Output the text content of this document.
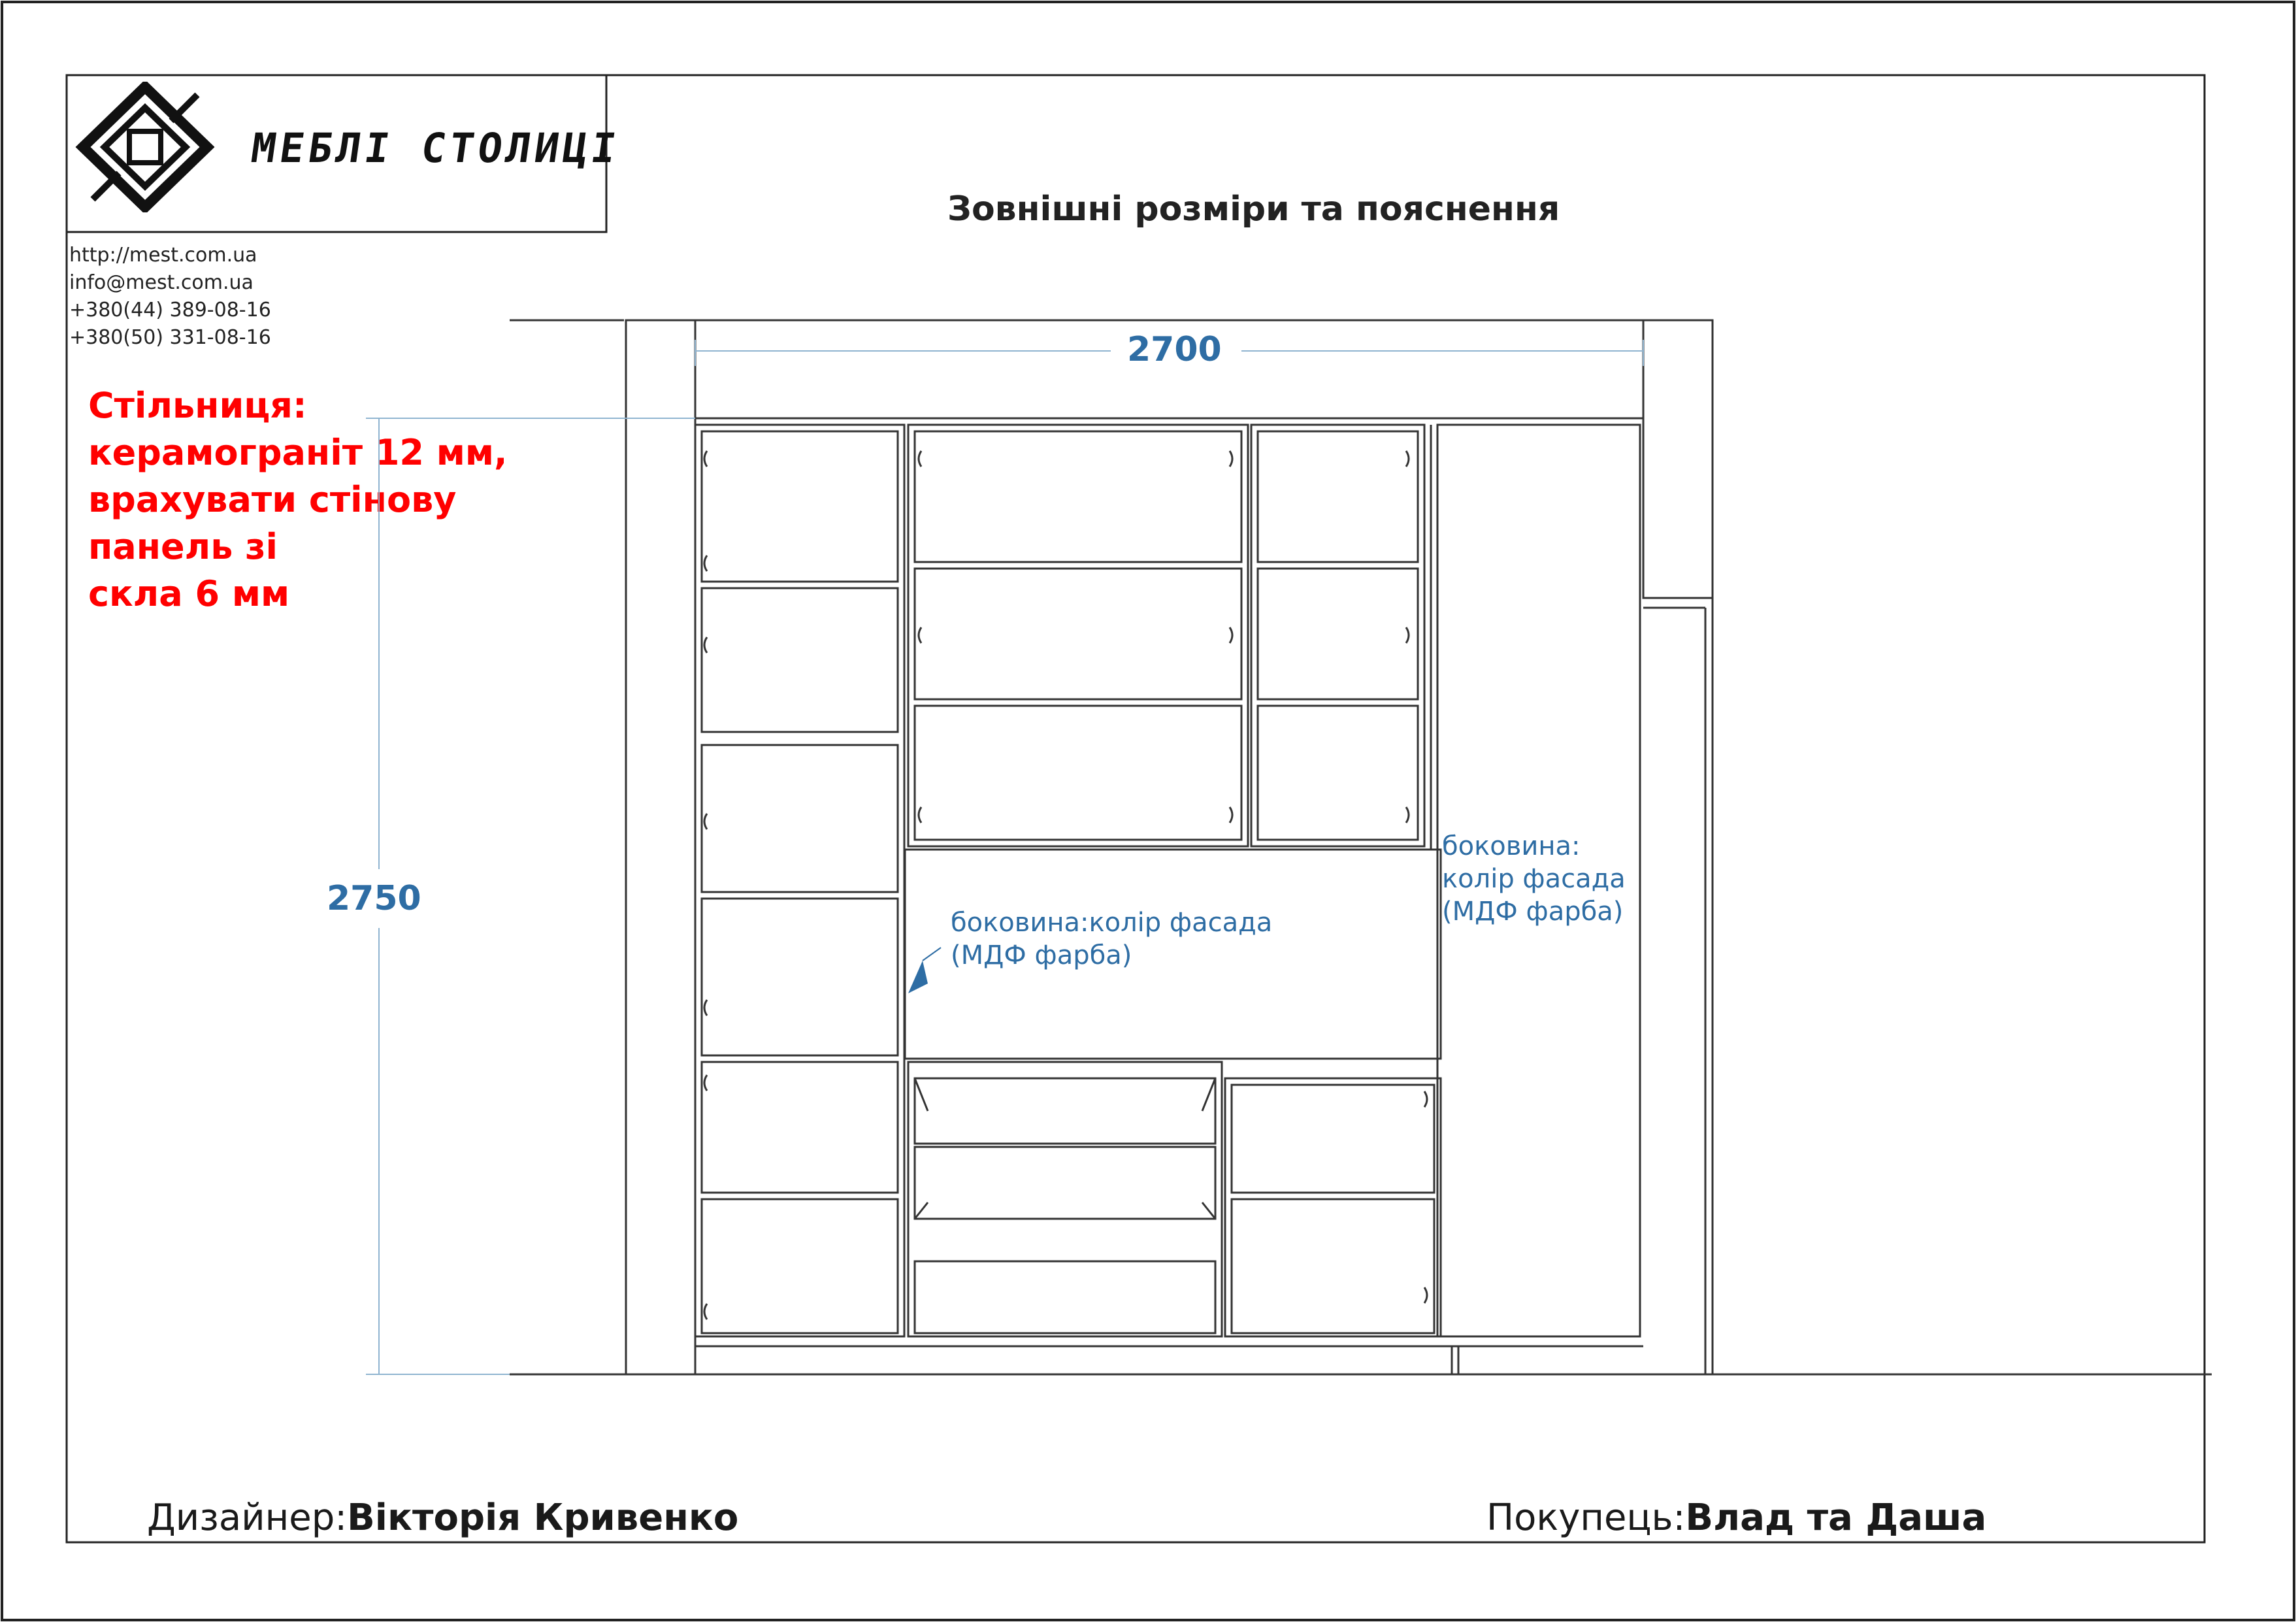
МЕБЛІ СТОЛИЦІ
http://mest.com.ua
info@mest.com.ua
+380(44) 389-08-16
+380(50) 331-08-16
Зовнішні розміри та пояснення
Стільниця:
керамограніт 12 мм,
врахувати стінову
панель зі
скла 6 мм
2700
2750
боковина:колір фасада
(МДФ фарба)
боковина:
колір фасада
(МДФ фарба)
Дизайнер:Вікторія Кривенко	Покупець:Влад та Даша
